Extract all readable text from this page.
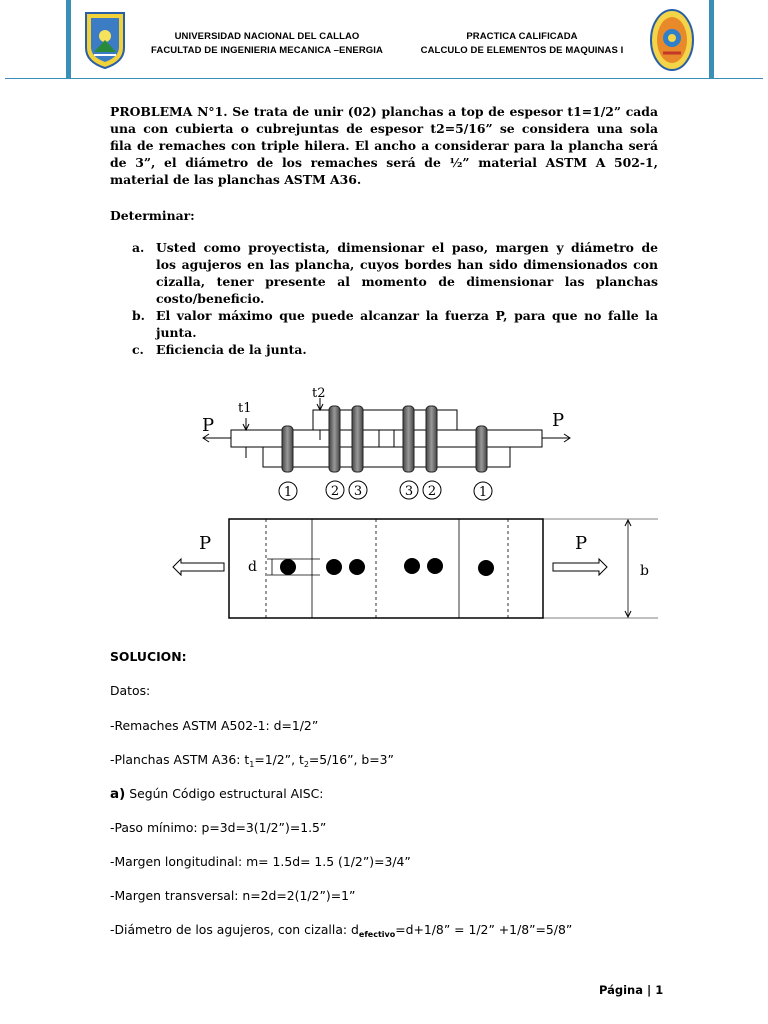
UNIVERSIDAD NACIONAL DEL CALLAO
FACULTAD DE INGENIERIA MECANICA –ENERGIA
PRACTICA CALIFICADA
CALCULO DE ELEMENTOS DE MAQUINAS I
PROBLEMA N°1. Se trata de unir (02) planchas a top de espesor t1=1/2” cada
una con cubierta o cubrejuntas de espesor t2=5/16” se considera una sola
fila de remaches con triple hilera. El ancho a considerar para la plancha será
de 3”, el diámetro de los remaches será de ½” material ASTM A 502-1,
material de las planchas ASTM A36.
Determinar:
a. Usted como proyectista, dimensionar el paso, margen y diámetro de
los agujeros en las plancha, cuyos bordes han sido dimensionados con
cizalla, tener presente al momento de dimensionar las planchas
costo/beneficio.
b. El valor máximo que puede alcanzar la fuerza P, para que no falle la
junta.
c. Eficiencia de la junta.
t1
t2
P	P
1	2 3	3 2	1
d
P	P
b
SOLUCION:
Datos:
-Remaches ASTM A502-1: d=1/2”
-Planchas ASTM A36: $t_1=1/2$”, $t_2=5/16$”, b=3”
a) Según Código estructural AISC:
-Paso mínimo: p=3d=3(1/2”)=1.5”
-Margen longitudinal: m= 1.5d= 1.5 (1/2”)=3/4”
-Margen transversal: n=2d=2(1/2”)=1”
-Diámetro de los agujeros, con cizalla: $d_{efectivo}=d+1/8$” = 1/2” +1/8”=5/8”
Página | 1
